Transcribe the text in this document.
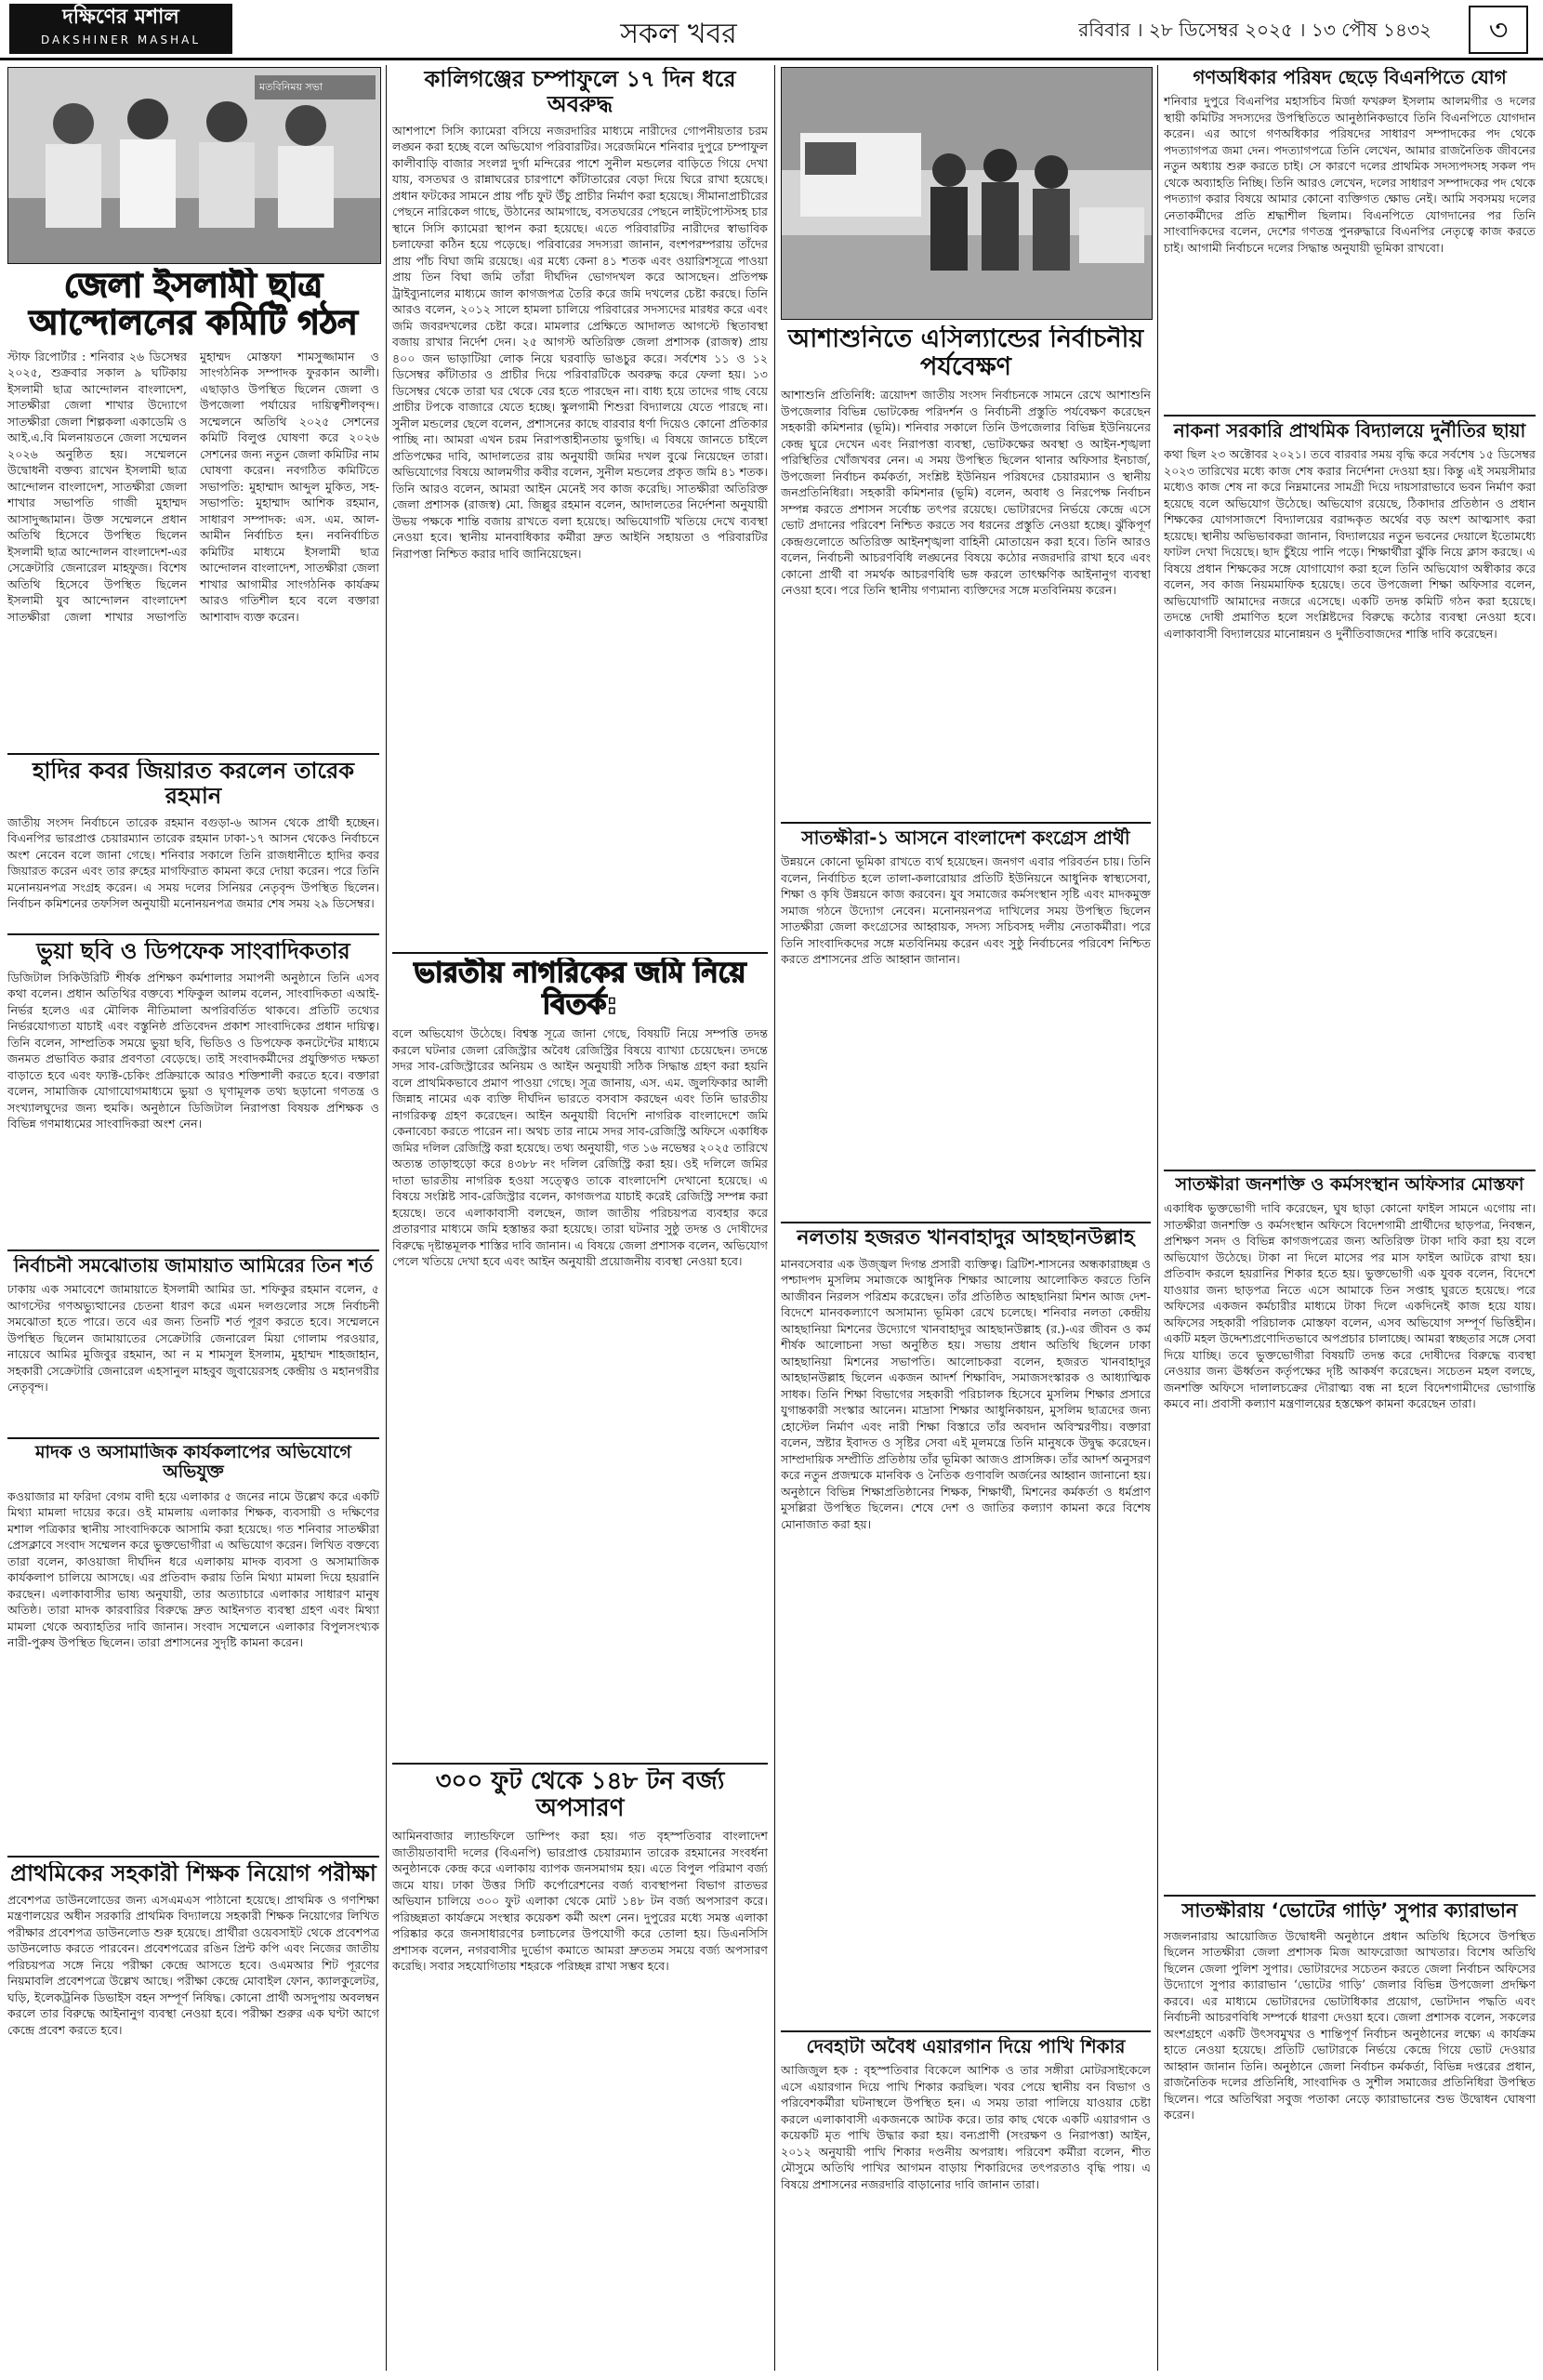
দক্ষিণের মশাল
DAKSHINER MASHAL	সকল খবর	রবিবার । ২৮ ডিসেম্বর ২০২৫ । ১৩ পৌষ ১৪৩২	৩
মতবিনিময় সভা
জেলা ইসলামী ছাত্র আন্দোলনের কমিটি গঠন

স্টাফ রিপোর্টার : শনিবার ২৬ ডিসেম্বর ২০২৫, শুক্রবার সকাল ৯ ঘটিকায় ইসলামী ছাত্র আন্দোলন বাংলাদেশ, সাতক্ষীরা জেলা শাখার উদ্যোগে সাতক্ষীরা জেলা শিল্পকলা একাডেমি ও আই.এ.বি মিলনায়তনে জেলা সম্মেলন ২০২৬ অনুষ্ঠিত হয়। সম্মেলনে উদ্বোধনী বক্তব্য রাখেন ইসলামী ছাত্র আন্দোলন বাংলাদেশ, সাতক্ষীরা জেলা শাখার সভাপতি গাজী মুহাম্মদ আসাদুজ্জামান। উক্ত সম্মেলনে প্রধান অতিথি হিসেবে উপস্থিত ছিলেন ইসলামী ছাত্র আন্দোলন বাংলাদেশ-এর সেক্রেটারি জেনারেল মাহফুজ। বিশেষ অতিথি হিসেবে উপস্থিত ছিলেন ইসলামী যুব আন্দোলন বাংলাদেশ সাতক্ষীরা জেলা শাখার সভাপতি মুহাম্মদ মোস্তফা শামসুজ্জামান ও সাংগঠনিক সম্পাদক ফুরকান আলী। এছাড়াও উপস্থিত ছিলেন জেলা ও উপজেলা পর্যায়ের দায়িত্বশীলবৃন্দ। সম্মেলনে অতিথি ২০২৫ সেশনের কমিটি বিলুপ্ত ঘোষণা করে ২০২৬ সেশনের জন্য নতুন জেলা কমিটির নাম ঘোষণা করেন। নবগঠিত কমিটিতে সভাপতি: মুহাম্মাদ আব্দুল মুকিত, সহ-সভাপতি: মুহাম্মাদ আশিক রহমান, সাধারণ সম্পাদক: এস. এম. আল-আমীন নির্বাচিত হন। নবনির্বাচিত কমিটির মাধ্যমে ইসলামী ছাত্র আন্দোলন বাংলাদেশ, সাতক্ষীরা জেলা শাখার আগামীর সাংগঠনিক কার্যক্রম আরও গতিশীল হবে বলে বক্তারা আশাবাদ ব্যক্ত করেন।

হাদির কবর জিয়ারত করলেন তারেক রহমান

জাতীয় সংসদ নির্বাচনে তারেক রহমান বগুড়া-৬ আসন থেকে প্রার্থী হচ্ছেন। বিএনপির ভারপ্রাপ্ত চেয়ারম্যান তারেক রহমান ঢাকা-১৭ আসন থেকেও নির্বাচনে অংশ নেবেন বলে জানা গেছে। শনিবার সকালে তিনি রাজধানীতে হাদির কবর জিয়ারত করেন এবং তার রুহের মাগফিরাত কামনা করে দোয়া করেন। পরে তিনি মনোনয়নপত্র সংগ্রহ করেন। এ সময় দলের সিনিয়র নেতৃবৃন্দ উপস্থিত ছিলেন। নির্বাচন কমিশনের তফসিল অনুযায়ী মনোনয়নপত্র জমার শেষ সময় ২৯ ডিসেম্বর।

ভুয়া ছবি ও ডিপফেক সাংবাদিকতার

ডিজিটাল সিকিউরিটি শীর্ষক প্রশিক্ষণ কর্মশালার সমাপনী অনুষ্ঠানে তিনি এসব কথা বলেন। প্রধান অতিথির বক্তব্যে শফিকুল আলম বলেন, সাংবাদিকতা এআই-নির্ভর হলেও এর মৌলিক নীতিমালা অপরিবর্তিত থাকবে। প্রতিটি তথ্যের নির্ভরযোগ্যতা যাচাই এবং বস্তুনিষ্ঠ প্রতিবেদন প্রকাশ সাংবাদিকের প্রধান দায়িত্ব। তিনি বলেন, সাম্প্রতিক সময়ে ভুয়া ছবি, ভিডিও ও ডিপফেক কনটেন্টের মাধ্যমে জনমত প্রভাবিত করার প্রবণতা বেড়েছে। তাই সংবাদকর্মীদের প্রযুক্তিগত দক্ষতা বাড়াতে হবে এবং ফ্যাক্ট-চেকিং প্রক্রিয়াকে আরও শক্তিশালী করতে হবে। বক্তারা বলেন, সামাজিক যোগাযোগমাধ্যমে ভুয়া ও ঘৃণামূলক তথ্য ছড়ানো গণতন্ত্র ও সংখ্যালঘুদের জন্য হুমকি। অনুষ্ঠানে ডিজিটাল নিরাপত্তা বিষয়ক প্রশিক্ষক ও বিভিন্ন গণমাধ্যমের সাংবাদিকরা অংশ নেন।

নির্বাচনী সমঝোতায় জামায়াত আমিরের তিন শর্ত

ঢাকায় এক সমাবেশে জামায়াতে ইসলামী আমির ডা. শফিকুর রহমান বলেন, ৫ আগস্টের গণঅভ্যুত্থানের চেতনা ধারণ করে এমন দলগুলোর সঙ্গে নির্বাচনী সমঝোতা হতে পারে। তবে এর জন্য তিনটি শর্ত পূরণ করতে হবে। সম্মেলনে উপস্থিত ছিলেন জামায়াতের সেক্রেটারি জেনারেল মিয়া গোলাম পরওয়ার, নায়েবে আমির মুজিবুর রহমান, আ ন ম শামসুল ইসলাম, মুহাম্মদ শাহজাহান, সহকারী সেক্রেটারি জেনারেল এহসানুল মাহবুব জুবায়েরসহ কেন্দ্রীয় ও মহানগরীর নেতৃবৃন্দ।

মাদক ও অসামাজিক কার্যকলাপের অভিযোগে অভিযুক্ত

কওয়াজার মা ফরিদা বেগম বাদী হয়ে এলাকার ৫ জনের নামে উল্লেখ করে একটি মিথ্যা মামলা দায়ের করে। ওই মামলায় এলাকার শিক্ষক, ব্যবসায়ী ও দক্ষিণের মশাল পত্রিকার স্থানীয় সাংবাদিককে আসামি করা হয়েছে। গত শনিবার সাতক্ষীরা প্রেসক্লাবে সংবাদ সম্মেলন করে ভুক্তভোগীরা এ অভিযোগ করেন। লিখিত বক্তব্যে তারা বলেন, কাওয়াজা দীর্ঘদিন ধরে এলাকায় মাদক ব্যবসা ও অসামাজিক কার্যকলাপ চালিয়ে আসছে। এর প্রতিবাদ করায় তিনি মিথ্যা মামলা দিয়ে হয়রানি করছেন। এলাকাবাসীর ভাষ্য অনুযায়ী, তার অত্যাচারে এলাকার সাধারণ মানুষ অতিষ্ঠ। তারা মাদক কারবারির বিরুদ্ধে দ্রুত আইনগত ব্যবস্থা গ্রহণ এবং মিথ্যা মামলা থেকে অব্যাহতির দাবি জানান। সংবাদ সম্মেলনে এলাকার বিপুলসংখ্যক নারী-পুরুষ উপস্থিত ছিলেন। তারা প্রশাসনের সুদৃষ্টি কামনা করেন।

প্রাথমিকের সহকারী শিক্ষক নিয়োগ পরীক্ষা

প্রবেশপত্র ডাউনলোডের জন্য এসএমএস পাঠানো হয়েছে। প্রাথমিক ও গণশিক্ষা মন্ত্রণালয়ের অধীন সরকারি প্রাথমিক বিদ্যালয়ে সহকারী শিক্ষক নিয়োগের লিখিত পরীক্ষার প্রবেশপত্র ডাউনলোড শুরু হয়েছে। প্রার্থীরা ওয়েবসাইট থেকে প্রবেশপত্র ডাউনলোড করতে পারবেন। প্রবেশপত্রের রঙিন প্রিন্ট কপি এবং নিজের জাতীয় পরিচয়পত্র সঙ্গে নিয়ে পরীক্ষা কেন্দ্রে আসতে হবে। ওএমআর শিট পূরণের নিয়মাবলি প্রবেশপত্রে উল্লেখ আছে। পরীক্ষা কেন্দ্রে মোবাইল ফোন, ক্যালকুলেটর, ঘড়ি, ইলেকট্রনিক ডিভাইস বহন সম্পূর্ণ নিষিদ্ধ। কোনো প্রার্থী অসদুপায় অবলম্বন করলে তার বিরুদ্ধে আইনানুগ ব্যবস্থা নেওয়া হবে। পরীক্ষা শুরুর এক ঘণ্টা আগে কেন্দ্রে প্রবেশ করতে হবে।

কালিগঞ্জের চম্পাফুলে ১৭ দিন ধরে অবরুদ্ধ

আশপাশে সিসি ক্যামেরা বসিয়ে নজরদারির মাধ্যমে নারীদের গোপনীয়তার চরম লঙ্ঘন করা হচ্ছে বলে অভিযোগ পরিবারটির। সরেজমিনে শনিবার দুপুরে চম্পাফুল কালীবাড়ি বাজার সংলগ্ন দুর্গা মন্দিরের পাশে সুনীল মন্ডলের বাড়িতে গিয়ে দেখা যায়, বসতঘর ও রান্নাঘরের চারপাশে কাঁটাতারের বেড়া দিয়ে ঘিরে রাখা হয়েছে। প্রধান ফটকের সামনে প্রায় পাঁচ ফুট উঁচু প্রাচীর নির্মাণ করা হয়েছে। সীমানাপ্রাচীরের পেছনে নারিকেল গাছে, উঠানের আমগাছে, বসতঘরের পেছনে লাইটপোস্টসহ চার স্থানে সিসি ক্যামেরা স্থাপন করা হয়েছে। এতে পরিবারটির নারীদের স্বাভাবিক চলাফেরা কঠিন হয়ে পড়েছে। পরিবারের সদস্যরা জানান, বংশপরম্পরায় তাঁদের প্রায় পাঁচ বিঘা জমি রয়েছে। এর মধ্যে কেনা ৪১ শতক এবং ওয়ারিশসূত্রে পাওয়া প্রায় তিন বিঘা জমি তাঁরা দীর্ঘদিন ভোগদখল করে আসছেন। প্রতিপক্ষ ট্রাইব্যুনালের মাধ্যমে জাল কাগজপত্র তৈরি করে জমি দখলের চেষ্টা করছে। তিনি আরও বলেন, ২০১২ সালে হামলা চালিয়ে পরিবারের সদস্যদের মারধর করে এবং জমি জবরদখলের চেষ্টা করে। মামলার প্রেক্ষিতে আদালত আগস্টে স্থিতাবস্থা বজায় রাখার নির্দেশ দেন। ২৫ আগস্ট অতিরিক্ত জেলা প্রশাসক (রাজস্ব) প্রায় ৪০০ জন ভাড়াটিয়া লোক নিয়ে ঘরবাড়ি ভাঙচুর করে। সর্বশেষ ১১ ও ১২ ডিসেম্বর কাঁটাতার ও প্রাচীর দিয়ে পরিবারটিকে অবরুদ্ধ করে ফেলা হয়। ১৩ ডিসেম্বর থেকে তারা ঘর থেকে বের হতে পারছেন না। বাধ্য হয়ে তাদের গাছ বেয়ে প্রাচীর টপকে বাজারে যেতে হচ্ছে। স্কুলগামী শিশুরা বিদ্যালয়ে যেতে পারছে না। সুনীল মন্ডলের ছেলে বলেন, প্রশাসনের কাছে বারবার ধর্ণা দিয়েও কোনো প্রতিকার পাচ্ছি না। আমরা এখন চরম নিরাপত্তাহীনতায় ভুগছি। এ বিষয়ে জানতে চাইলে প্রতিপক্ষের দাবি, আদালতের রায় অনুযায়ী জমির দখল বুঝে নিয়েছেন তারা। অভিযোগের বিষয়ে আলমগীর কবীর বলেন, সুনীল মন্ডলের প্রকৃত জমি ৪১ শতক। তিনি আরও বলেন, আমরা আইন মেনেই সব কাজ করেছি। সাতক্ষীরা অতিরিক্ত জেলা প্রশাসক (রাজস্ব) মো. জিল্লুর রহমান বলেন, আদালতের নির্দেশনা অনুযায়ী উভয় পক্ষকে শান্তি বজায় রাখতে বলা হয়েছে। অভিযোগটি খতিয়ে দেখে ব্যবস্থা নেওয়া হবে। স্থানীয় মানবাধিকার কর্মীরা দ্রুত আইনি সহায়তা ও পরিবারটির নিরাপত্তা নিশ্চিত করার দাবি জানিয়েছেন।

ভারতীয় নাগরিকের জমি নিয়ে বিতর্ক:

বলে অভিযোগ উঠেছে। বিশ্বস্ত সূত্রে জানা গেছে, বিষয়টি নিয়ে সম্পত্তি তদন্ত করলে ঘটনার জেলা রেজিস্ট্রার অবৈধ রেজিস্ট্রির বিষয়ে ব্যাখ্যা চেয়েছেন। তদন্তে সদর সাব-রেজিস্ট্রারের অনিয়ম ও আইন অনুযায়ী সঠিক সিদ্ধান্ত গ্রহণ করা হয়নি বলে প্রাথমিকভাবে প্রমাণ পাওয়া গেছে। সূত্র জানায়, এস. এম. জুলফিকার আলী জিন্নাহ নামের এক ব্যক্তি দীর্ঘদিন ভারতে বসবাস করছেন এবং তিনি ভারতীয় নাগরিকত্ব গ্রহণ করেছেন। আইন অনুযায়ী বিদেশি নাগরিক বাংলাদেশে জমি কেনাবেচা করতে পারেন না। অথচ তার নামে সদর সাব-রেজিস্ট্রি অফিসে একাধিক জমির দলিল রেজিস্ট্রি করা হয়েছে। তথ্য অনুযায়ী, গত ১৬ নভেম্বর ২০২৫ তারিখে অত্যন্ত তাড়াহুড়ো করে ৪৩৮৮ নং দলিল রেজিস্ট্রি করা হয়। ওই দলিলে জমির দাতা ভারতীয় নাগরিক হওয়া সত্ত্বেও তাকে বাংলাদেশি দেখানো হয়েছে। এ বিষয়ে সংশ্লিষ্ট সাব-রেজিস্ট্রার বলেন, কাগজপত্র যাচাই করেই রেজিস্ট্রি সম্পন্ন করা হয়েছে। তবে এলাকাবাসী বলছেন, জাল জাতীয় পরিচয়পত্র ব্যবহার করে প্রতারণার মাধ্যমে জমি হস্তান্তর করা হয়েছে। তারা ঘটনার সুষ্ঠু তদন্ত ও দোষীদের বিরুদ্ধে দৃষ্টান্তমূলক শাস্তির দাবি জানান। এ বিষয়ে জেলা প্রশাসক বলেন, অভিযোগ পেলে খতিয়ে দেখা হবে এবং আইন অনুযায়ী প্রয়োজনীয় ব্যবস্থা নেওয়া হবে।

৩০০ ফুট থেকে ১৪৮ টন বর্জ্য অপসারণ

আমিনবাজার ল্যান্ডফিলে ডাম্পিং করা হয়। গত বৃহস্পতিবার বাংলাদেশ জাতীয়তাবাদী দলের (বিএনপি) ভারপ্রাপ্ত চেয়ারম্যান তারেক রহমানের সংবর্ধনা অনুষ্ঠানকে কেন্দ্র করে এলাকায় ব্যাপক জনসমাগম হয়। এতে বিপুল পরিমাণ বর্জ্য জমে যায়। ঢাকা উত্তর সিটি কর্পোরেশনের বর্জ্য ব্যবস্থাপনা বিভাগ রাতভর অভিযান চালিয়ে ৩০০ ফুট এলাকা থেকে মোট ১৪৮ টন বর্জ্য অপসারণ করে। পরিচ্ছন্নতা কার্যক্রমে সংস্থার কয়েকশ কর্মী অংশ নেন। দুপুরের মধ্যে সমস্ত এলাকা পরিষ্কার করে জনসাধারণের চলাচলের উপযোগী করে তোলা হয়। ডিএনসিসি প্রশাসক বলেন, নগরবাসীর দুর্ভোগ কমাতে আমরা দ্রুততম সময়ে বর্জ্য অপসারণ করেছি। সবার সহযোগিতায় শহরকে পরিচ্ছন্ন রাখা সম্ভব হবে।

আশাশুনিতে এসিল্যান্ডের নির্বাচনীয় পর্যবেক্ষণ

আশাশুনি প্রতিনিধি: ত্রয়োদশ জাতীয় সংসদ নির্বাচনকে সামনে রেখে আশাশুনি উপজেলার বিভিন্ন ভোটকেন্দ্র পরিদর্শন ও নির্বাচনী প্রস্তুতি পর্যবেক্ষণ করেছেন সহকারী কমিশনার (ভূমি)। শনিবার সকালে তিনি উপজেলার বিভিন্ন ইউনিয়নের কেন্দ্র ঘুরে দেখেন এবং নিরাপত্তা ব্যবস্থা, ভোটকক্ষের অবস্থা ও আইন-শৃঙ্খলা পরিস্থিতির খোঁজখবর নেন। এ সময় উপস্থিত ছিলেন থানার অফিসার ইনচার্জ, উপজেলা নির্বাচন কর্মকর্তা, সংশ্লিষ্ট ইউনিয়ন পরিষদের চেয়ারম্যান ও স্থানীয় জনপ্রতিনিধিরা। সহকারী কমিশনার (ভূমি) বলেন, অবাধ ও নিরপেক্ষ নির্বাচন সম্পন্ন করতে প্রশাসন সর্বোচ্চ তৎপর রয়েছে। ভোটারদের নির্ভয়ে কেন্দ্রে এসে ভোট প্রদানের পরিবেশ নিশ্চিত করতে সব ধরনের প্রস্তুতি নেওয়া হচ্ছে। ঝুঁকিপূর্ণ কেন্দ্রগুলোতে অতিরিক্ত আইনশৃঙ্খলা বাহিনী মোতায়েন করা হবে। তিনি আরও বলেন, নির্বাচনী আচরণবিধি লঙ্ঘনের বিষয়ে কঠোর নজরদারি রাখা হবে এবং কোনো প্রার্থী বা সমর্থক আচরণবিধি ভঙ্গ করলে তাৎক্ষণিক আইনানুগ ব্যবস্থা নেওয়া হবে। পরে তিনি স্থানীয় গণ্যমান্য ব্যক্তিদের সঙ্গে মতবিনিময় করেন।

সাতক্ষীরা-১ আসনে বাংলাদেশ কংগ্রেস প্রার্থী

উন্নয়নে কোনো ভূমিকা রাখতে ব্যর্থ হয়েছেন। জনগণ এবার পরিবর্তন চায়। তিনি বলেন, নির্বাচিত হলে তালা-কলারোয়ার প্রতিটি ইউনিয়নে আধুনিক স্বাস্থ্যসেবা, শিক্ষা ও কৃষি উন্নয়নে কাজ করবেন। যুব সমাজের কর্মসংস্থান সৃষ্টি এবং মাদকমুক্ত সমাজ গঠনে উদ্যোগ নেবেন। মনোনয়নপত্র দাখিলের সময় উপস্থিত ছিলেন সাতক্ষীরা জেলা কংগ্রেসের আহ্বায়ক, সদস্য সচিবসহ দলীয় নেতাকর্মীরা। পরে তিনি সাংবাদিকদের সঙ্গে মতবিনিময় করেন এবং সুষ্ঠু নির্বাচনের পরিবেশ নিশ্চিত করতে প্রশাসনের প্রতি আহ্বান জানান।

নলতায় হজরত খানবাহাদুর আহছানউল্লাহ

মানবসেবার এক উজ্জ্বল দিগন্ত প্রসারী ব্যক্তিত্ব। ব্রিটিশ-শাসনের অন্ধকারাচ্ছন্ন ও পশ্চাদপদ মুসলিম সমাজকে আধুনিক শিক্ষার আলোয় আলোকিত করতে তিনি আজীবন নিরলস পরিশ্রম করেছেন। তাঁর প্রতিষ্ঠিত আহছানিয়া মিশন আজ দেশ-বিদেশে মানবকল্যাণে অসামান্য ভূমিকা রেখে চলেছে। শনিবার নলতা কেন্দ্রীয় আহছানিয়া মিশনের উদ্যোগে খানবাহাদুর আহছানউল্লাহ (র.)-এর জীবন ও কর্ম শীর্ষক আলোচনা সভা অনুষ্ঠিত হয়। সভায় প্রধান অতিথি ছিলেন ঢাকা আহছানিয়া মিশনের সভাপতি। আলোচকরা বলেন, হজরত খানবাহাদুর আহছানউল্লাহ ছিলেন একজন আদর্শ শিক্ষাবিদ, সমাজসংস্কারক ও আধ্যাত্মিক সাধক। তিনি শিক্ষা বিভাগের সহকারী পরিচালক হিসেবে মুসলিম শিক্ষার প্রসারে যুগান্তকারী সংস্কার আনেন। মাদ্রাসা শিক্ষার আধুনিকায়ন, মুসলিম ছাত্রদের জন্য হোস্টেল নির্মাণ এবং নারী শিক্ষা বিস্তারে তাঁর অবদান অবিস্মরণীয়। বক্তারা বলেন, স্রষ্টার ইবাদত ও সৃষ্টির সেবা এই মূলমন্ত্রে তিনি মানুষকে উদ্বুদ্ধ করেছেন। সাম্প্রদায়িক সম্প্রীতি প্রতিষ্ঠায় তাঁর ভূমিকা আজও প্রাসঙ্গিক। তাঁর আদর্শ অনুসরণ করে নতুন প্রজন্মকে মানবিক ও নৈতিক গুণাবলি অর্জনের আহ্বান জানানো হয়। অনুষ্ঠানে বিভিন্ন শিক্ষাপ্রতিষ্ঠানের শিক্ষক, শিক্ষার্থী, মিশনের কর্মকর্তা ও ধর্মপ্রাণ মুসল্লিরা উপস্থিত ছিলেন। শেষে দেশ ও জাতির কল্যাণ কামনা করে বিশেষ মোনাজাত করা হয়।

দেবহাটা অবৈধ এয়ারগান দিয়ে পাখি শিকার

আজিজুল হক : বৃহস্পতিবার বিকেলে আশিক ও তার সঙ্গীরা মোটরসাইকেলে এসে এয়ারগান দিয়ে পাখি শিকার করছিল। খবর পেয়ে স্থানীয় বন বিভাগ ও পরিবেশকর্মীরা ঘটনাস্থলে উপস্থিত হন। এ সময় তারা পালিয়ে যাওয়ার চেষ্টা করলে এলাকাবাসী একজনকে আটক করে। তার কাছ থেকে একটি এয়ারগান ও কয়েকটি মৃত পাখি উদ্ধার করা হয়। বন্যপ্রাণী (সংরক্ষণ ও নিরাপত্তা) আইন, ২০১২ অনুযায়ী পাখি শিকার দণ্ডনীয় অপরাধ। পরিবেশ কর্মীরা বলেন, শীত মৌসুমে অতিথি পাখির আগমন বাড়ায় শিকারিদের তৎপরতাও বৃদ্ধি পায়। এ বিষয়ে প্রশাসনের নজরদারি বাড়ানোর দাবি জানান তারা।

গণঅধিকার পরিষদ ছেড়ে বিএনপিতে যোগ

শনিবার দুপুরে বিএনপির মহাসচিব মির্জা ফখরুল ইসলাম আলমগীর ও দলের স্থায়ী কমিটির সদস্যদের উপস্থিতিতে আনুষ্ঠানিকভাবে তিনি বিএনপিতে যোগদান করেন। এর আগে গণঅধিকার পরিষদের সাধারণ সম্পাদকের পদ থেকে পদত্যাগপত্র জমা দেন। পদত্যাগপত্রে তিনি লেখেন, আমার রাজনৈতিক জীবনের নতুন অধ্যায় শুরু করতে চাই। সে কারণে দলের প্রাথমিক সদস্যপদসহ সকল পদ থেকে অব্যাহতি নিচ্ছি। তিনি আরও লেখেন, দলের সাধারণ সম্পাদকের পদ থেকে পদত্যাগ করার বিষয়ে আমার কোনো ব্যক্তিগত ক্ষোভ নেই। আমি সবসময় দলের নেতাকর্মীদের প্রতি শ্রদ্ধাশীল ছিলাম। বিএনপিতে যোগদানের পর তিনি সাংবাদিকদের বলেন, দেশের গণতন্ত্র পুনরুদ্ধারে বিএনপির নেতৃত্বে কাজ করতে চাই। আগামী নির্বাচনে দলের সিদ্ধান্ত অনুযায়ী ভূমিকা রাখবো।

নাকনা সরকারি প্রাথমিক বিদ্যালয়ে দুর্নীতির ছায়া

কথা ছিল ২৩ অক্টোবর ২০২১। তবে বারবার সময় বৃদ্ধি করে সর্বশেষ ১৫ ডিসেম্বর ২০২৩ তারিখের মধ্যে কাজ শেষ করার নির্দেশনা দেওয়া হয়। কিন্তু এই সময়সীমার মধ্যেও কাজ শেষ না করে নিম্নমানের সামগ্রী দিয়ে দায়সারাভাবে ভবন নির্মাণ করা হয়েছে বলে অভিযোগ উঠেছে। অভিযোগ রয়েছে, ঠিকাদার প্রতিষ্ঠান ও প্রধান শিক্ষকের যোগসাজশে বিদ্যালয়ের বরাদ্দকৃত অর্থের বড় অংশ আত্মসাৎ করা হয়েছে। স্থানীয় অভিভাবকরা জানান, বিদ্যালয়ের নতুন ভবনের দেয়ালে ইতোমধ্যে ফাটল দেখা দিয়েছে। ছাদ চুঁইয়ে পানি পড়ে। শিক্ষার্থীরা ঝুঁকি নিয়ে ক্লাস করছে। এ বিষয়ে প্রধান শিক্ষকের সঙ্গে যোগাযোগ করা হলে তিনি অভিযোগ অস্বীকার করে বলেন, সব কাজ নিয়মমাফিক হয়েছে। তবে উপজেলা শিক্ষা অফিসার বলেন, অভিযোগটি আমাদের নজরে এসেছে। একটি তদন্ত কমিটি গঠন করা হয়েছে। তদন্তে দোষী প্রমাণিত হলে সংশ্লিষ্টদের বিরুদ্ধে কঠোর ব্যবস্থা নেওয়া হবে। এলাকাবাসী বিদ্যালয়ের মানোন্নয়ন ও দুর্নীতিবাজদের শাস্তি দাবি করেছেন।

সাতক্ষীরা জনশক্তি ও কর্মসংস্থান অফিসার মোস্তফা

একাধিক ভুক্তভোগী দাবি করেছেন, ঘুষ ছাড়া কোনো ফাইল সামনে এগোয় না। সাতক্ষীরা জনশক্তি ও কর্মসংস্থান অফিসে বিদেশগামী প্রার্থীদের ছাড়পত্র, নিবন্ধন, প্রশিক্ষণ সনদ ও বিভিন্ন কাগজপত্রের জন্য অতিরিক্ত টাকা দাবি করা হয় বলে অভিযোগ উঠেছে। টাকা না দিলে মাসের পর মাস ফাইল আটকে রাখা হয়। প্রতিবাদ করলে হয়রানির শিকার হতে হয়। ভুক্তভোগী এক যুবক বলেন, বিদেশে যাওয়ার জন্য ছাড়পত্র নিতে এসে আমাকে তিন সপ্তাহ ঘুরতে হয়েছে। পরে অফিসের একজন কর্মচারীর মাধ্যমে টাকা দিলে একদিনেই কাজ হয়ে যায়। অফিসের সহকারী পরিচালক মোস্তফা বলেন, এসব অভিযোগ সম্পূর্ণ ভিত্তিহীন। একটি মহল উদ্দেশ্যপ্রণোদিতভাবে অপপ্রচার চালাচ্ছে। আমরা স্বচ্ছতার সঙ্গে সেবা দিয়ে যাচ্ছি। তবে ভুক্তভোগীরা বিষয়টি তদন্ত করে দোষীদের বিরুদ্ধে ব্যবস্থা নেওয়ার জন্য ঊর্ধ্বতন কর্তৃপক্ষের দৃষ্টি আকর্ষণ করেছেন। সচেতন মহল বলছে, জনশক্তি অফিসে দালালচক্রের দৌরাত্ম্য বন্ধ না হলে বিদেশগামীদের ভোগান্তি কমবে না। প্রবাসী কল্যাণ মন্ত্রণালয়ের হস্তক্ষেপ কামনা করেছেন তারা।

সাতক্ষীরায় ‘ভোটের গাড়ি’ সুপার ক্যারাভান

সজলনারায় আয়োজিত উদ্বোধনী অনুষ্ঠানে প্রধান অতিথি হিসেবে উপস্থিত ছিলেন সাতক্ষীরা জেলা প্রশাসক মিজ আফরোজা আখতার। বিশেষ অতিথি ছিলেন জেলা পুলিশ সুপার। ভোটারদের সচেতন করতে জেলা নির্বাচন অফিসের উদ্যোগে সুপার ক্যারাভান ‘ভোটের গাড়ি’ জেলার বিভিন্ন উপজেলা প্রদক্ষিণ করবে। এর মাধ্যমে ভোটারদের ভোটাধিকার প্রয়োগ, ভোটদান পদ্ধতি এবং নির্বাচনী আচরণবিধি সম্পর্কে ধারণা দেওয়া হবে। জেলা প্রশাসক বলেন, সকলের অংশগ্রহণে একটি উৎসবমুখর ও শান্তিপূর্ণ নির্বাচন অনুষ্ঠানের লক্ষ্যে এ কার্যক্রম হাতে নেওয়া হয়েছে। প্রতিটি ভোটারকে নির্ভয়ে কেন্দ্রে গিয়ে ভোট দেওয়ার আহ্বান জানান তিনি। অনুষ্ঠানে জেলা নির্বাচন কর্মকর্তা, বিভিন্ন দপ্তরের প্রধান, রাজনৈতিক দলের প্রতিনিধি, সাংবাদিক ও সুশীল সমাজের প্রতিনিধিরা উপস্থিত ছিলেন। পরে অতিথিরা সবুজ পতাকা নেড়ে ক্যারাভানের শুভ উদ্বোধন ঘোষণা করেন।
